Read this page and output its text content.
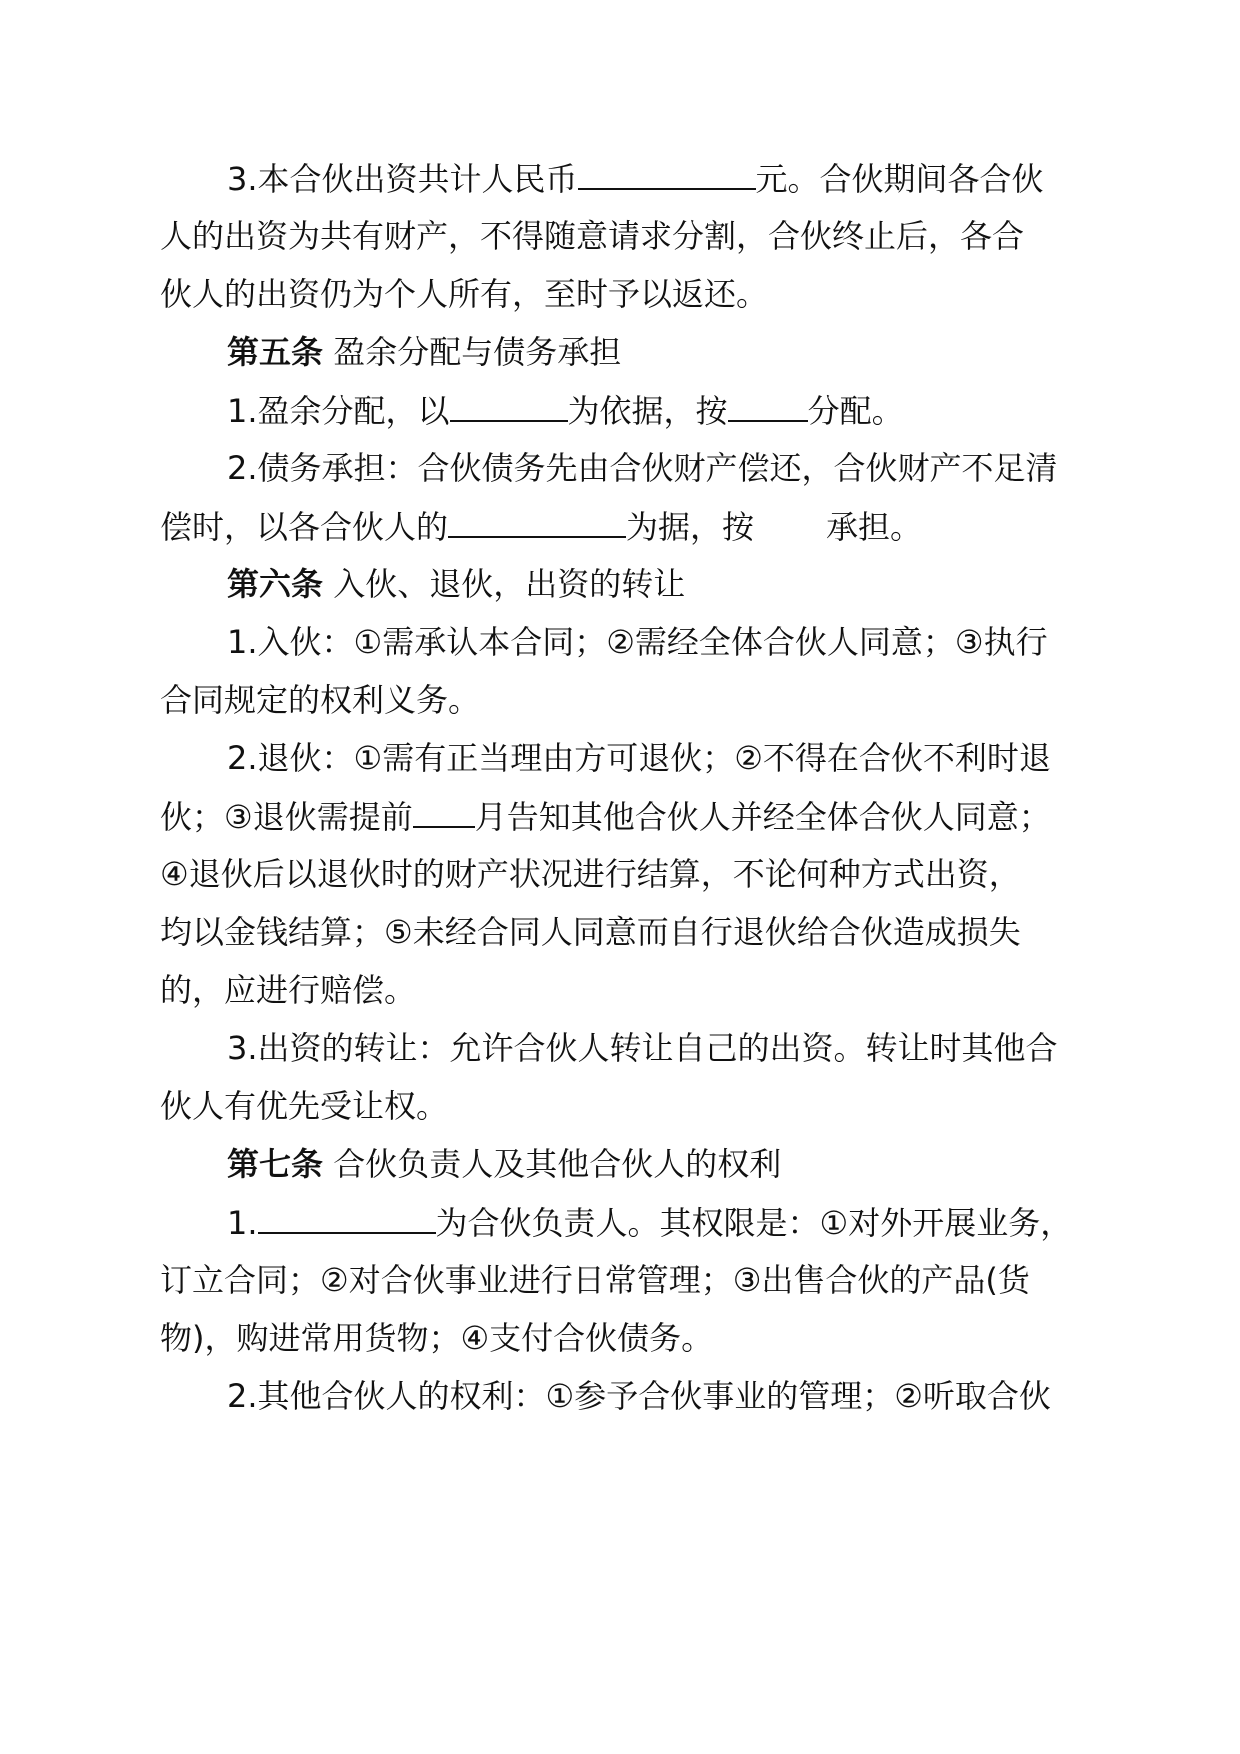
3.本合伙出资共计人民币	元。合伙期间各合伙
人的出资为共有财产，不得随意请求分割，合伙终止后，各合
伙人的出资仍为个人所有，至时予以返还。
第五条 盈余分配与债务承担
1.盈余分配，以	为依据，按	分配。
2.债务承担：合伙债务先由合伙财产偿还，合伙财产不足清
偿时，以各合伙人的	为据，按 承担。
第六条 入伙、退伙，出资的转让
1.入伙：①需承认本合同；②需经全体合伙人同意；③执行
合同规定的权利义务。
2.退伙：①需有正当理由方可退伙；②不得在合伙不利时退
伙；③退伙需提前 月告知其他合伙人并经全体合伙人同意；
④退伙后以退伙时的财产状况进行结算，不论何种方式出资，
均以金钱结算；⑤未经合同人同意而自行退伙给合伙造成损失
的，应进行赔偿。
3.出资的转让：允许合伙人转让自己的出资。转让时其他合
伙人有优先受让权。
第七条 合伙负责人及其他合伙人的权利
1.	为合伙负责人。其权限是：①对外开展业务，
订立合同；②对合伙事业进行日常管理；③出售合伙的产品(货
物)，购进常用货物；④支付合伙债务。
2.其他合伙人的权利：①参予合伙事业的管理；②听取合伙
